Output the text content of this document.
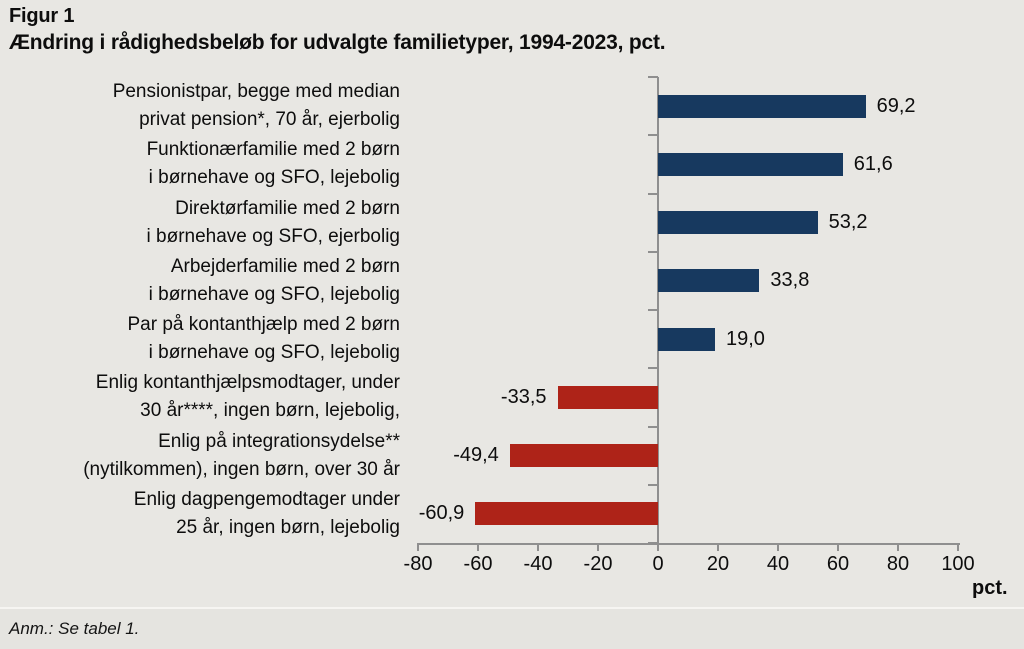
Figur 1
Ændring i rådighedsbeløb for udvalgte familietyper, 1994-2023, pct.
pct.
-80	-60	-40	-20	0	20	40	60	80	100
69,2
Pensionistpar, begge med median
privat pension*, 70 år, ejerbolig
61,6
Funktionærfamilie med 2 børn
i børnehave og SFO, lejebolig
53,2
Direktørfamilie med 2 børn
i børnehave og SFO, ejerbolig
33,8
Arbejderfamilie med 2 børn
i børnehave og SFO, lejebolig
19,0
Par på kontanthjælp med 2 børn
i børnehave og SFO, lejebolig
-33,5
Enlig kontanthjælpsmodtager, under
30 år****, ingen børn, lejebolig,
-49,4
Enlig på integrationsydelse**
(nytilkommen), ingen børn, over 30 år
-60,9
Enlig dagpengemodtager under
25 år, ingen børn, lejebolig
Anm.: Se tabel 1.
